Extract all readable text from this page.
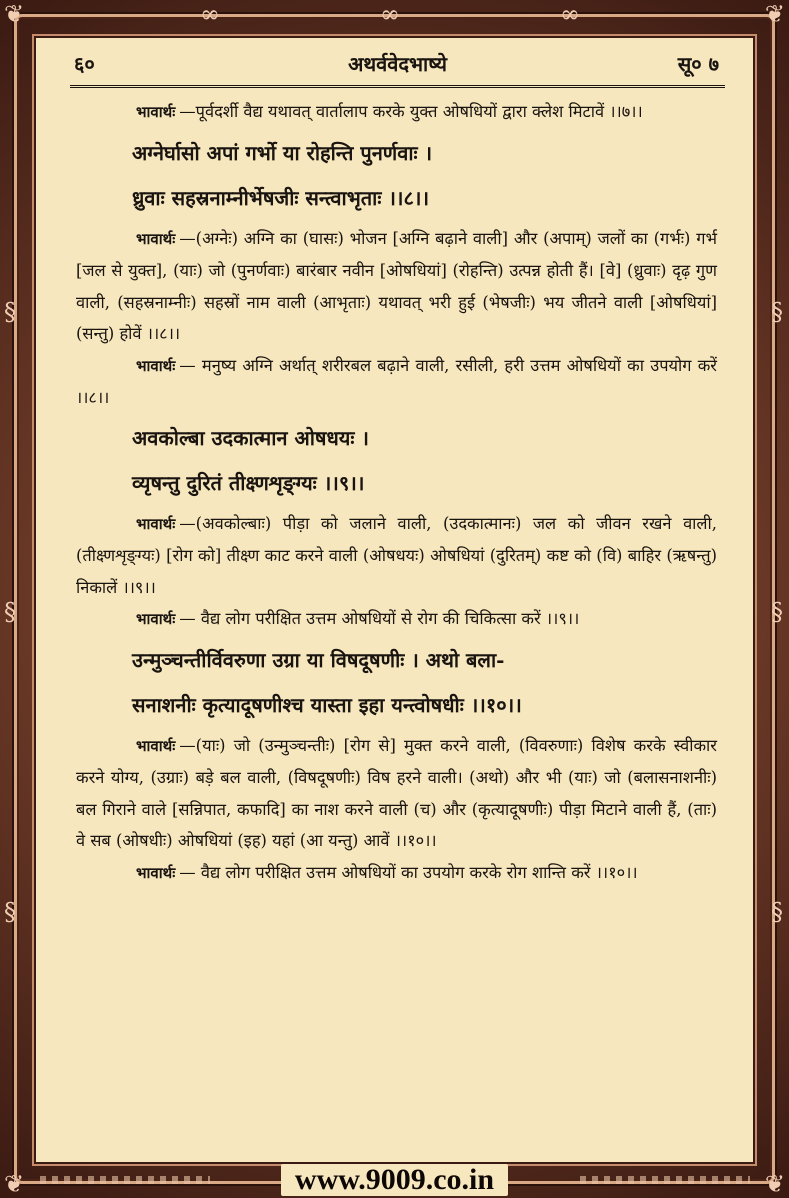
❦	❦
❦	❦
§
§
§
§
§
§
∞	∞	∞
६०	अथर्ववेदभाष्ये	सू० ७

भावार्थः —पूर्वदर्शी वैद्य यथावत् वार्तालाप करके युक्त ओषधियों द्वारा क्लेश मिटावें ।।७।।

अग्नेर्घासो अपां गर्भो या रोहन्ति पुनर्णवाः ।
ध्रुवाः सहस्रनाम्नीर्भेषजीः सन्त्वाभृताः ।।८।।

भावार्थः —(अग्नेः) अग्नि का (घासः) भोजन [अग्नि बढ़ाने वाली] और (अपाम्) जलों का (गर्भः) गर्भ [जल से युक्त], (याः) जो (पुनर्णवाः) बारंबार नवीन [ओषधियां] (रोहन्ति) उत्पन्न होती हैं। [वे] (ध्रुवाः) दृढ़ गुण वाली, (सहस्रनाम्नीः) सहस्रों नाम वाली (आभृताः) यथावत् भरी हुई (भेषजीः) भय जीतने वाली [ओषधियां] (सन्तु) होवें ।।८।।

भावार्थः — मनुष्य अग्नि अर्थात् शरीरबल बढ़ाने वाली, रसीली, हरी उत्तम ओषधियों का उपयोग करें ।।८।।

अवकोल्बा उदकात्मान ओषधयः ।
व्यृषन्तु दुरितं तीक्ष्णशृङ्ग्यः ।।९।।

भावार्थः —(अवकोल्बाः) पीड़ा को जलाने वाली, (उदकात्मानः) जल को जीवन रखने वाली, (तीक्ष्णशृङ्ग्यः) [रोग को] तीक्ष्ण काट करने वाली (ओषधयः) ओषधियां (दुरितम्) कष्ट को (वि) बाहिर (ऋषन्तु) निकालें ।।९।।

भावार्थः — वैद्य लोग परीक्षित उत्तम ओषधियों से रोग की चिकित्सा करें ।।९।।

उन्मुञ्चन्तीर्विवरुणा उग्रा या विषदूषणीः । अथो बला-
सनाशनीः कृत्यादूषणीश्च यास्ता इहा यन्त्वोषधीः ।।१०।।

भावार्थः —(याः) जो (उन्मुञ्चन्तीः) [रोग से] मुक्त करने वाली, (विवरुणाः) विशेष करके स्वीकार करने योग्य, (उग्राः) बड़े बल वाली, (विषदूषणीः) विष हरने वाली। (अथो) और भी (याः) जो (बलासनाशनीः) बल गिराने वाले [सन्निपात, कफादि] का नाश करने वाली (च) और (कृत्यादूषणीः) पीड़ा मिटाने वाली हैं, (ताः) वे सब (ओषधीः) ओषधियां (इह) यहां (आ यन्तु) आवें ।।१०।।

भावार्थः — वैद्य लोग परीक्षित उत्तम ओषधियों का उपयोग करके रोग शान्ति करें ।।१०।।

www.9009.co.in
